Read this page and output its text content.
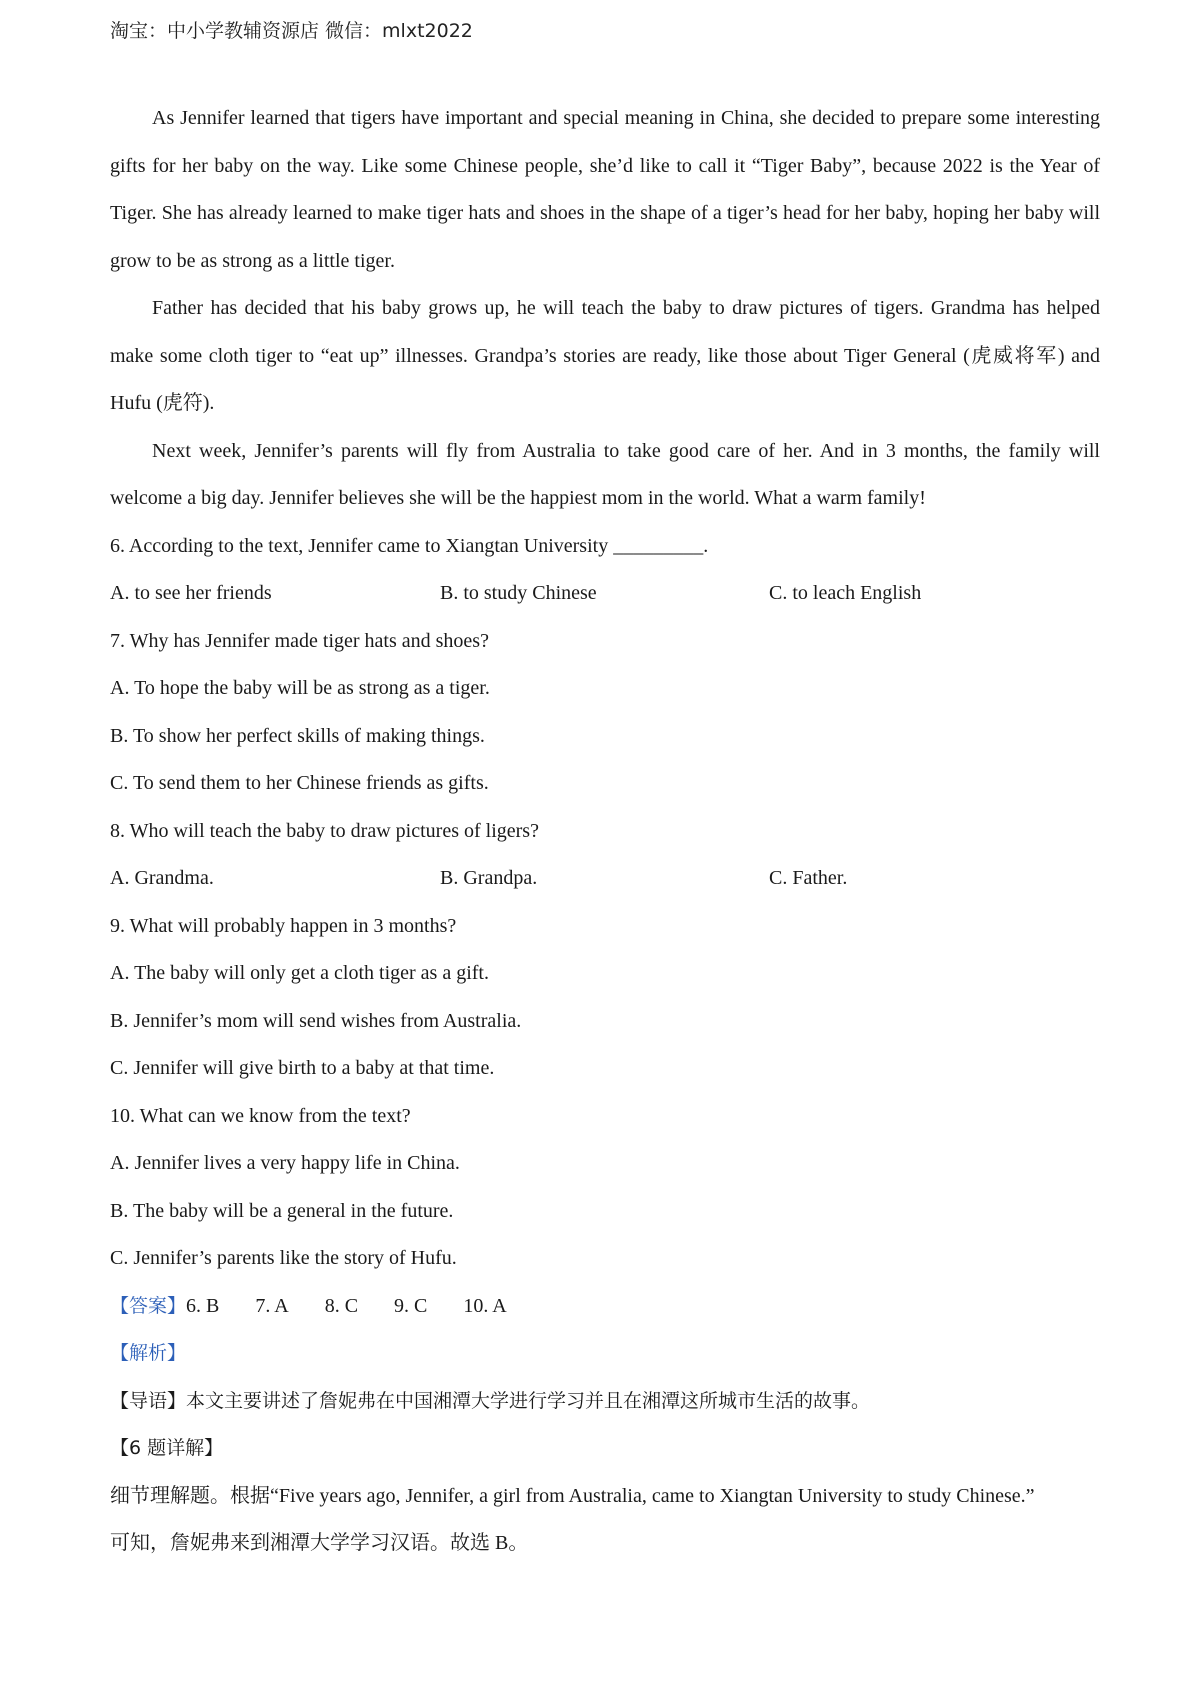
淘宝：中小学教辅资源店 微信：mlxt2022

As Jennifer learned that tigers have important and special meaning in China, she decided to prepare some interesting gifts for her baby on the way. Like some Chinese people, she’d like to call it “Tiger Baby”, because 2022 is the Year of Tiger. She has already learned to make tiger hats and shoes in the shape of a tiger’s head for her baby, hoping her baby will grow to be as strong as a little tiger.

Father has decided that his baby grows up, he will teach the baby to draw pictures of tigers. Grandma has helped make some cloth tiger to “eat up” illnesses. Grandpa’s stories are ready, like those about Tiger General (虎威将军) and Hufu (虎符).

Next week, Jennifer’s parents will fly from Australia to take good care of her. And in 3 months, the family will welcome a big day. Jennifer believes she will be the happiest mom in the world. What a warm family!

6. According to the text, Jennifer came to Xiangtan University _________.
A. to see her friends	B. to study Chinese	C. to leach English
7. Why has Jennifer made tiger hats and shoes?
A. To hope the baby will be as strong as a tiger.
B. To show her perfect skills of making things.
C. To send them to her Chinese friends as gifts.
8. Who will teach the baby to draw pictures of ligers?
A. Grandma.	B. Grandpa.	C. Father.
9. What will probably happen in 3 months?
A. The baby will only get a cloth tiger as a gift.
B. Jennifer’s mom will send wishes from Australia.
C. Jennifer will give birth to a baby at that time.
10. What can we know from the text?
A. Jennifer lives a very happy life in China.
B. The baby will be a general in the future.
C. Jennifer’s parents like the story of Hufu.
【答案】6. B 7. A 8. C 9. C 10. A
【解析】
【导语】本文主要讲述了詹妮弗在中国湘潭大学进行学习并且在湘潭这所城市生活的故事。
【6 题详解】
细节理解题。根据“Five years ago, Jennifer, a girl from Australia, came to Xiangtan University to study Chinese.”
可知，詹妮弗来到湘潭大学学习汉语。故选 B。
